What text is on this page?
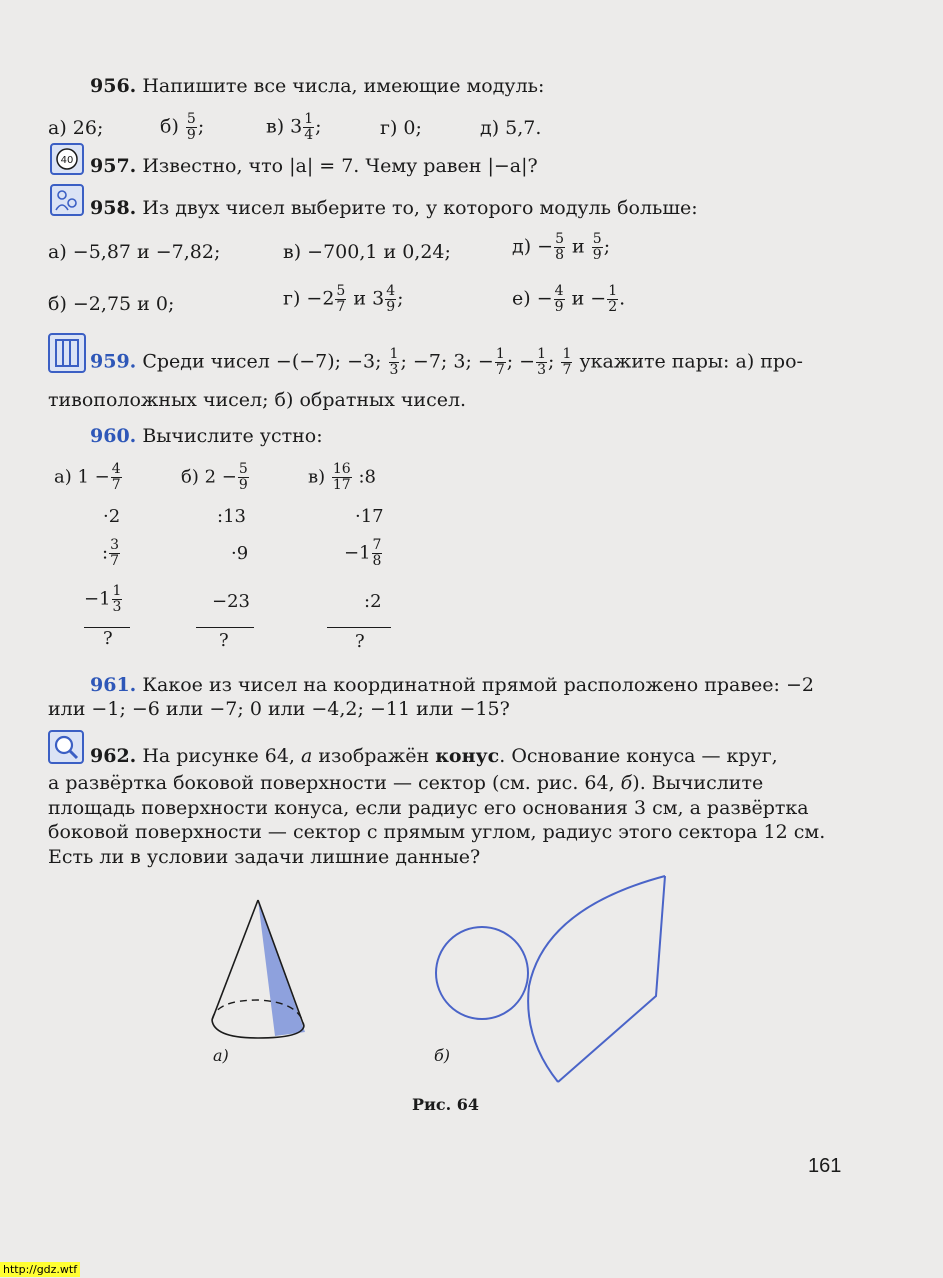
956. Напишите все числа, имеющие модуль:
а) 26;	$б) \frac{5}{9}$ ;	в) $3 \frac{1}{4}$ ;	г) 0;	д) 5,7.
40 957. Известно, что |a| = 7. Чему равен |−a|?
958. Из двух чисел выберите то, у которого модуль больше:
а) −5,87 и −7,82;	в) −700,1 и 0,24;	$д) - \frac{5}{8}$ и $\frac{5}{9}$ ;
б) −2,75 и 0;	$г) -2 \frac{5}{7}$ и $3 \frac{4}{9}$ ;	$е) - \frac{4}{9}$ $и - \frac{1}{2}$ .
959. Среди чисел −(−7); −3; $\frac{1}{3}$ ; −7; 3; − $\frac{1}{7}$ ; − $\frac{1}{3}$ ; $\frac{1}{7}$ укажите пары: а) про-
тивоположных чисел; б) обратных чисел.
960. Вычислите устно:
а) $1 - \frac{4}{7}$
·2
: $\frac{3}{7}$
$-1 \frac{1}{3}$
?
б) $2 - \frac{5}{9}$
:13
·9
−23
?
$в) \frac{16}{17}$ :8
·17
$-1 \frac{7}{8}$
:2
?
961. Какое из чисел на координатной прямой расположено правее: −2
или −1; −6 или −7; 0 или −4,2; −11 или −15?
962. На рисунке 64, а изображён конус. Основание конуса — круг,
а развёртка боковой поверхности — сектор (см. рис. 64, б). Вычислите
площадь поверхности конуса, если радиус его основания 3 см, а развёртка
боковой поверхности — сектор с прямым углом, радиус этого сектора 12 см.
Есть ли в условии задачи лишние данные?
а)	б)
Рис. 64
161
http://gdz.wtf
